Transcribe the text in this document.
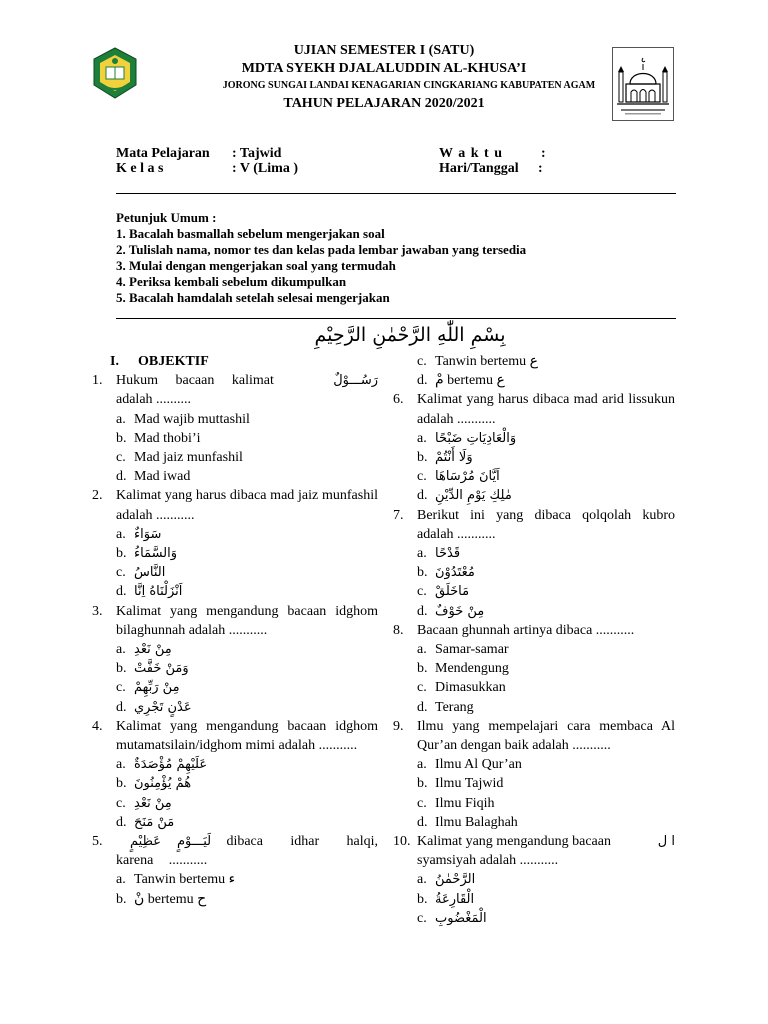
UJIAN SEMESTER I (SATU)
MDTA SYEKH DJALALUDDIN AL-KHUSA’I
JORONG SUNGAI LANDAI KENAGARIAN CINGKARIANG KABUPATEN AGAM
TAHUN PELAJARAN 2020/2021
Mata Pelajaran : Tajwid
K e l a s	: V (Lima )
W a k t u	:
Hari/Tanggal :
Petunjuk Umum :
1. Bacalah basmallah sebelum mengerjakan soal
2. Tulislah nama, nomor tes dan kelas pada lembar jawaban yang tersedia
3. Mulai dengan mengerjakan soal yang termudah
4. Periksa kembali sebelum dikumpulkan
5. Bacalah hamdalah setelah selesai mengerjakan
بِسْمِ اللّٰهِ الرَّحْمٰنِ الرَّحِيْمِ
I.	OBJEKTIF
1. Hukum bacaan kalimat	رَسُـــوْلٌ
adalah ..........
a. Mad wajib muttashil
b. Mad thobi’i
c. Mad jaiz munfashil
d. Mad iwad
2. Kalimat yang harus dibaca mad jaiz munfashil adalah ...........
a. سَوَاءٌ
b. وَالسَّمَاءُ
c. النَّاسُ
d. اَنْزَلْنَاهُ اِنَّا
3. Kalimat yang mengandung bacaan idghom bilaghunnah adalah ...........
a. مِنْ نَعْدِ
b. وَمَنْ خَفَّتْ
c. مِنْ رَبِّهِمْ
d. عَدْنٍ تَجْرِي
4. Kalimat yang mengandung bacaan idghom mutamatsilain/idghom mimi adalah ...........
a. عَلَيْهِمْ مُؤْصَدَةٌ
b. هُمْ يُؤْمِنُونَ
c. مِنْ نَعْدِ
d. مَنْ مَنَحَ
5.	لَيَـــوْمٍ عَظِيْمٍ dibaca idhar halqi, karena ...........
a. Tanwin bertemu ء
b. نْ bertemu ح
c. Tanwin bertemu ع
d. مْ bertemu ع
6. Kalimat yang harus dibaca mad arid lissukun adalah ...........
a. وَالْعَادِيَاتِ ضَبْحًا
b. وَلَا أَنْتُمْ
c. اَيَّانَ مُرْسَاهَا
d. مٰلِكِ يَوْمِ الدِّيْنِ
7. Berikut ini yang dibaca qolqolah kubro adalah ...........
a. قَدْحًا
b. مُعْتَدُوْنَ
c. مَاخَلَقْ
d. مِنْ خَوْفٌ
8. Bacaan ghunnah artinya dibaca ...........
a. Samar-samar
b. Mendengung
c. Dimasukkan
d. Terang
9. Ilmu yang mempelajari cara membaca Al Qur’an dengan baik adalah ...........
a. Ilmu Al Qur’an
b. Ilmu Tajwid
c. Ilmu Fiqih
d. Ilmu Balaghah
10. Kalimat yang mengandung bacaan	ا ل
syamsiyah adalah ...........
a. الرَّحْمٰنُ
b. الْقَارِعَةُ
c. الْمَغْضُوبِ
